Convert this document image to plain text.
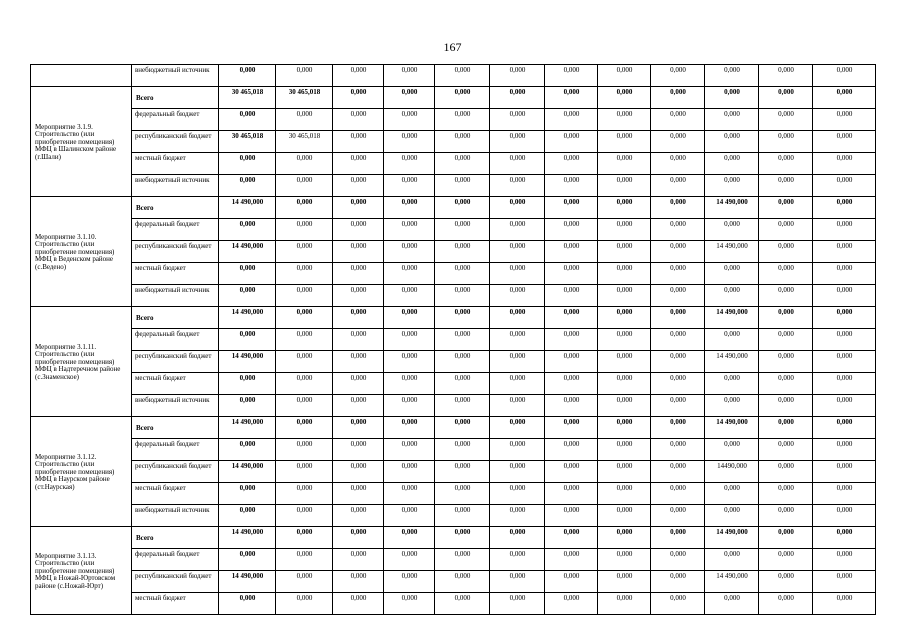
167
	внебюджетный источник	0,000	0,000	0,000	0,000	0,000	0,000	0,000	0,000	0,000	0,000	0,000	0,000
Мероприятие 3.1.9. Строительство (или приобретение помещения) МФЦ в Шалинском районе (г.Шали)	Всего	30 465,018	30 465,018	0,000	0,000	0,000	0,000	0,000	0,000	0,000	0,000	0,000	0,000
	федеральный бюджет	0,000	0,000	0,000	0,000	0,000	0,000	0,000	0,000	0,000	0,000	0,000	0,000
	республиканский бюджет	30 465,018	30 465,018	0,000	0,000	0,000	0,000	0,000	0,000	0,000	0,000	0,000	0,000
	местный бюджет	0,000	0,000	0,000	0,000	0,000	0,000	0,000	0,000	0,000	0,000	0,000	0,000
	внебюджетный источник	0,000	0,000	0,000	0,000	0,000	0,000	0,000	0,000	0,000	0,000	0,000	0,000
Мероприятие 3.1.10. Строительство (или приобретение помещения) МФЦ в Веденском районе (с.Ведено)	Всего	14 490,000	0,000	0,000	0,000	0,000	0,000	0,000	0,000	0,000	14 490,000	0,000	0,000
	федеральный бюджет	0,000	0,000	0,000	0,000	0,000	0,000	0,000	0,000	0,000	0,000	0,000	0,000
	республиканский бюджет	14 490,000	0,000	0,000	0,000	0,000	0,000	0,000	0,000	0,000	14 490,000	0,000	0,000
	местный бюджет	0,000	0,000	0,000	0,000	0,000	0,000	0,000	0,000	0,000	0,000	0,000	0,000
	внебюджетный источник	0,000	0,000	0,000	0,000	0,000	0,000	0,000	0,000	0,000	0,000	0,000	0,000
Мероприятие 3.1.11. Строительство (или приобретение помещения) МФЦ в Надтеречном районе (с.Знаменское)	Всего	14 490,000	0,000	0,000	0,000	0,000	0,000	0,000	0,000	0,000	14 490,000	0,000	0,000
	федеральный бюджет	0,000	0,000	0,000	0,000	0,000	0,000	0,000	0,000	0,000	0,000	0,000	0,000
	республиканский бюджет	14 490,000	0,000	0,000	0,000	0,000	0,000	0,000	0,000	0,000	14 490,000	0,000	0,000
	местный бюджет	0,000	0,000	0,000	0,000	0,000	0,000	0,000	0,000	0,000	0,000	0,000	0,000
	внебюджетный источник	0,000	0,000	0,000	0,000	0,000	0,000	0,000	0,000	0,000	0,000	0,000	0,000
Мероприятие 3.1.12. Строительство (или приобретение помещения) МФЦ в Наурском районе (ст.Наурская)	Всего	14 490,000	0,000	0,000	0,000	0,000	0,000	0,000	0,000	0,000	14 490,000	0,000	0,000
	федеральный бюджет	0,000	0,000	0,000	0,000	0,000	0,000	0,000	0,000	0,000	0,000	0,000	0,000
	республиканский бюджет	14 490,000	0,000	0,000	0,000	0,000	0,000	0,000	0,000	0,000	14490,000	0,000	0,000
	местный бюджет	0,000	0,000	0,000	0,000	0,000	0,000	0,000	0,000	0,000	0,000	0,000	0,000
	внебюджетный источник	0,000	0,000	0,000	0,000	0,000	0,000	0,000	0,000	0,000	0,000	0,000	0,000
Мероприятие 3.1.13. Строительство (или приобретение помещения) МФЦ в Ножай-Юртовском районе (с.Ножай-Юрт)	Всего	14 490,000	0,000	0,000	0,000	0,000	0,000	0,000	0,000	0,000	14 490,000	0,000	0,000
	федеральный бюджет	0,000	0,000	0,000	0,000	0,000	0,000	0,000	0,000	0,000	0,000	0,000	0,000
	республиканский бюджет	14 490,000	0,000	0,000	0,000	0,000	0,000	0,000	0,000	0,000	14 490,000	0,000	0,000
	местный бюджет	0,000	0,000	0,000	0,000	0,000	0,000	0,000	0,000	0,000	0,000	0,000	0,000
